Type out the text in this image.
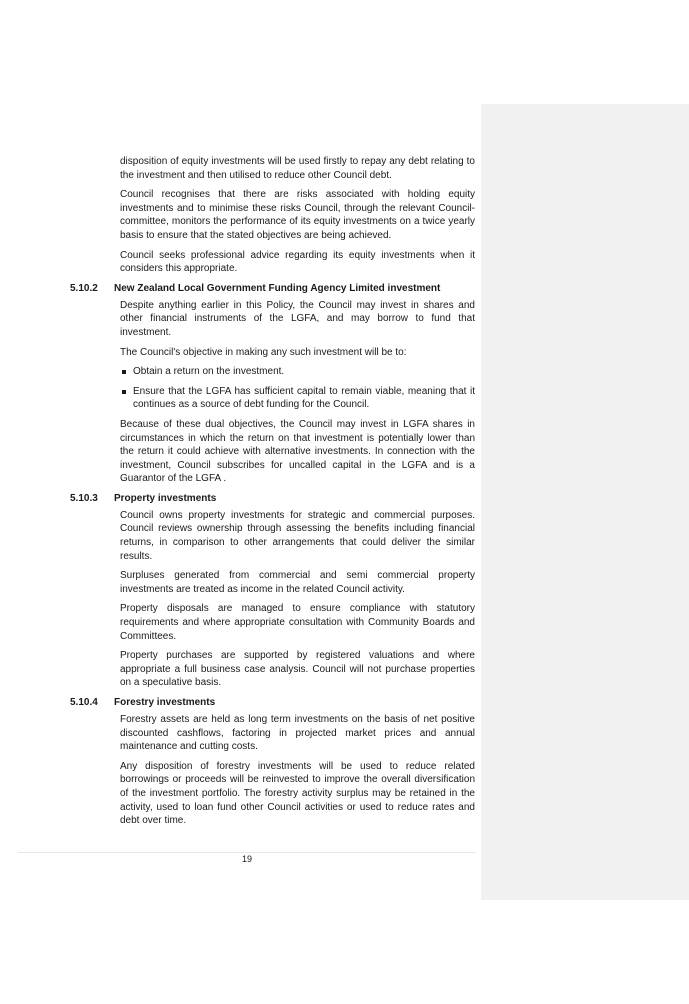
disposition of equity investments will be used firstly to repay any debt relating to the investment and then utilised to reduce other Council debt.

Council recognises that there are risks associated with holding equity investments and to minimise these risks Council, through the relevant Council-committee, monitors the performance of its equity investments on a twice yearly basis to ensure that the stated objectives are being achieved.

Council seeks professional advice regarding its equity investments when it considers this appropriate.

5.10.2 New Zealand Local Government Funding Agency Limited investment

Despite anything earlier in this Policy, the Council may invest in shares and other financial instruments of the LGFA, and may borrow to fund that investment.

The Council's objective in making any such investment will be to:

Obtain a return on the investment.
Ensure that the LGFA has sufficient capital to remain viable, meaning that it continues as a source of debt funding for the Council.

Because of these dual objectives, the Council may invest in LGFA shares in circumstances in which the return on that investment is potentially lower than the return it could achieve with alternative investments. In connection with the investment, Council subscribes for uncalled capital in the LGFA and is a Guarantor of the LGFA .

5.10.3 Property investments

Council owns property investments for strategic and commercial purposes. Council reviews ownership through assessing the benefits including financial returns, in comparison to other arrangements that could deliver the similar results.

Surpluses generated from commercial and semi commercial property investments are treated as income in the related Council activity.

Property disposals are managed to ensure compliance with statutory requirements and where appropriate consultation with Community Boards and Committees.

Property purchases are supported by registered valuations and where appropriate a full business case analysis. Council will not purchase properties on a speculative basis.

5.10.4 Forestry investments

Forestry assets are held as long term investments on the basis of net positive discounted cashflows, factoring in projected market prices and annual maintenance and cutting costs.

Any disposition of forestry investments will be used to reduce related borrowings or proceeds will be reinvested to improve the overall diversification of the investment portfolio. The forestry activity surplus may be retained in the activity, used to loan fund other Council activities or used to reduce rates and debt over time.

19
